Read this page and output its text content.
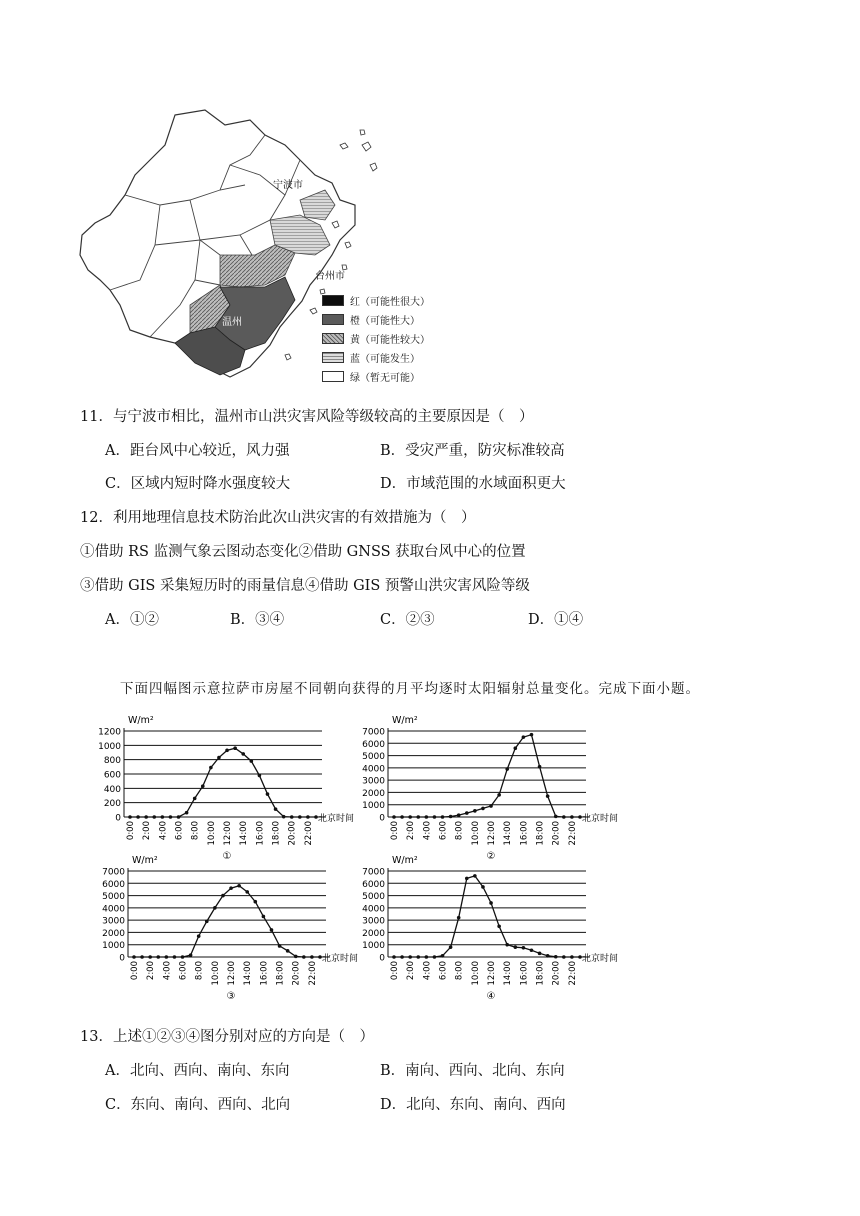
宁波市
台州市
温州
红（可能性很大）
橙（可能性大）
黄（可能性较大）
蓝（可能发生）
绿（暂无可能）
11．与宁波市相比，温州市山洪灾害风险等级较高的主要原因是（　）
A．距台风中心较近，风力强	B．受灾严重，防灾标准较高
C．区域内短时降水强度较大	D．市域范围的水域面积更大
12．利用地理信息技术防治此次山洪灾害的有效措施为（　）
①借助 RS 监测气象云图动态变化②借助 GNSS 获取台风中心的位置
③借助 GIS 采集短历时的雨量信息④借助 GIS 预警山洪灾害风险等级
A．①②	B．③④	C．②③	D．①④
下面四幅图示意拉萨市房屋不同朝向获得的月平均逐时太阳辐射总量变化。完成下面小题。
W/m²
0
200
400
600
800
1000
1200
0:00 2:00 4:00 6:00 8:00 10:00 12:00 14:00 16:00 18:00 20:00 22:00
北京时间
①
W/m²
0
1000
2000
3000
4000
5000
6000
7000
0:00 2:00 4:00 6:00 8:00 10:00 12:00 14:00 16:00 18:00 20:00 22:00
北京时间
②
W/m²
0
1000
2000
3000
4000
5000
6000
7000
0:00 2:00 4:00 6:00 8:00 10:00 12:00 14:00 16:00 18:00 20:00 22:00
北京时间
③
W/m²
0
1000
2000
3000
4000
5000
6000
7000
0:00 2:00 4:00 6:00 8:00 10:00 12:00 14:00 16:00 18:00 20:00 22:00
北京时间
④
13．上述①②③④图分别对应的方向是（　）
A．北向、西向、南向、东向	B．南向、西向、北向、东向
C．东向、南向、西向、北向	D．北向、东向、南向、西向
